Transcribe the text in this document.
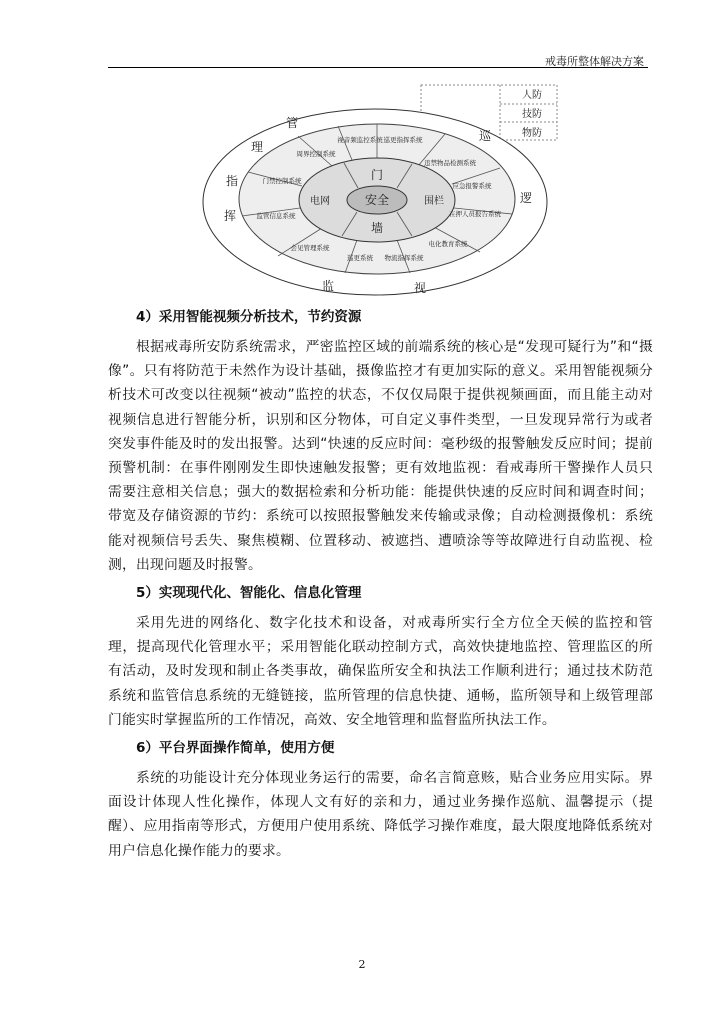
戒毒所整体解决方案
人防
技防
物防
安全
门
电网	围栏
墙
视音频监控系统 巡更指挥系统
周界控制系统
违禁物品检测系统
门禁控制系统
应急报警系统
监管信息系统	在押人员报告系统
会见管理系统
巡更系统
电化教育系统
物流指挥系统
管
理
指
挥
监	视
巡
逻
4）采用智能视频分析技术，节约资源

根据戒毒所安防系统需求，严密监控区域的前端系统的核心是“发现可疑行为”和“摄像”。只有将防范于未然作为设计基础，摄像监控才有更加实际的意义。采用智能视频分析技术可改变以往视频“被动”监控的状态，不仅仅局限于提供视频画面，而且能主动对视频信息进行智能分析，识别和区分物体，可自定义事件类型，一旦发现异常行为或者突发事件能及时的发出报警。达到“快速的反应时间：毫秒级的报警触发反应时间；提前预警机制：在事件刚刚发生即快速触发报警；更有效地监视：看戒毒所干警操作人员只需要注意相关信息；强大的数据检索和分析功能：能提供快速的反应时间和调查时间；带宽及存储资源的节约：系统可以按照报警触发来传输或录像；自动检测摄像机：系统能对视频信号丢失、聚焦模糊、位置移动、被遮挡、遭喷涂等等故障进行自动监视、检测，出现问题及时报警。

5）实现现代化、智能化、信息化管理

采用先进的网络化、数字化技术和设备，对戒毒所实行全方位全天候的监控和管理，提高现代化管理水平；采用智能化联动控制方式，高效快捷地监控、管理监区的所有活动，及时发现和制止各类事故，确保监所安全和执法工作顺利进行；通过技术防范系统和监管信息系统的无缝链接，监所管理的信息快捷、通畅，监所领导和上级管理部门能实时掌握监所的工作情况，高效、安全地管理和监督监所执法工作。

6）平台界面操作简单，使用方便

系统的功能设计充分体现业务运行的需要，命名言简意赅，贴合业务应用实际。界面设计体现人性化操作，体现人文有好的亲和力，通过业务操作巡航、温馨提示（提醒）、应用指南等形式，方便用户使用系统、降低学习操作难度，最大限度地降低系统对用户信息化操作能力的要求。

2
